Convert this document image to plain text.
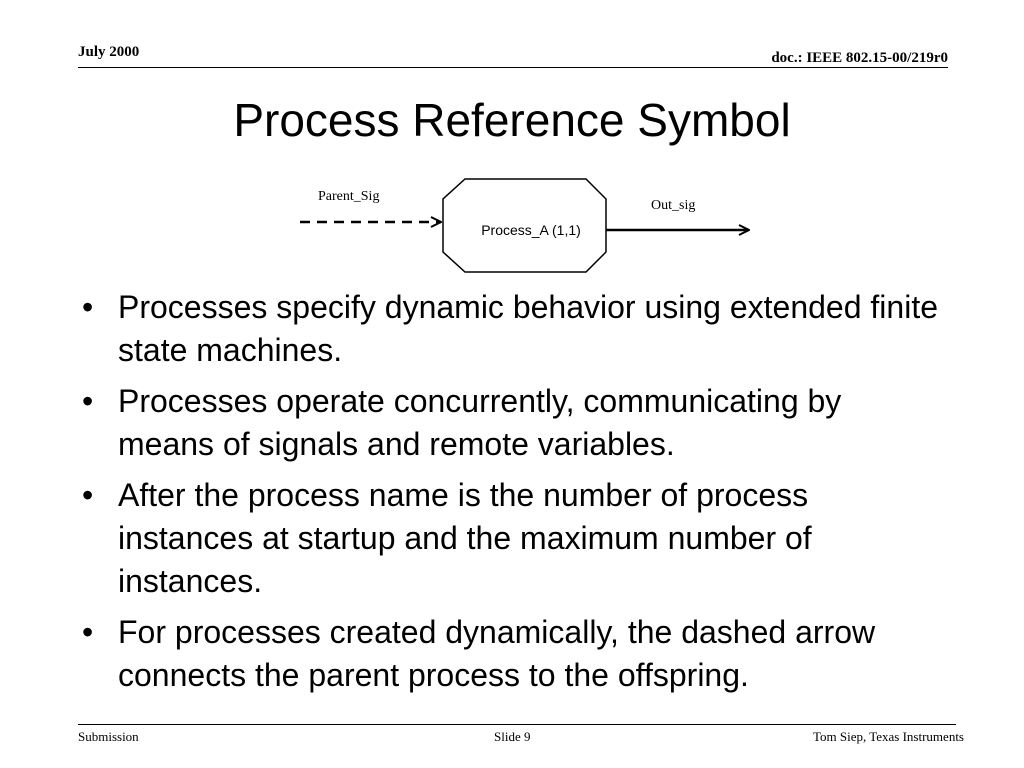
July 2000	doc.: IEEE 802.15-00/219r0
Process Reference Symbol
Parent_Sig
Process_A (1,1)
Out_sig
• Processes specify dynamic behavior using extended finite state machines.
• Processes operate concurrently, communicating by means of signals and remote variables.
• After the process name is the number of process instances at startup and the maximum number of instances.
• For processes created dynamically, the dashed arrow connects the parent process to the offspring.
Submission	Slide 9	Tom Siep, Texas Instruments
